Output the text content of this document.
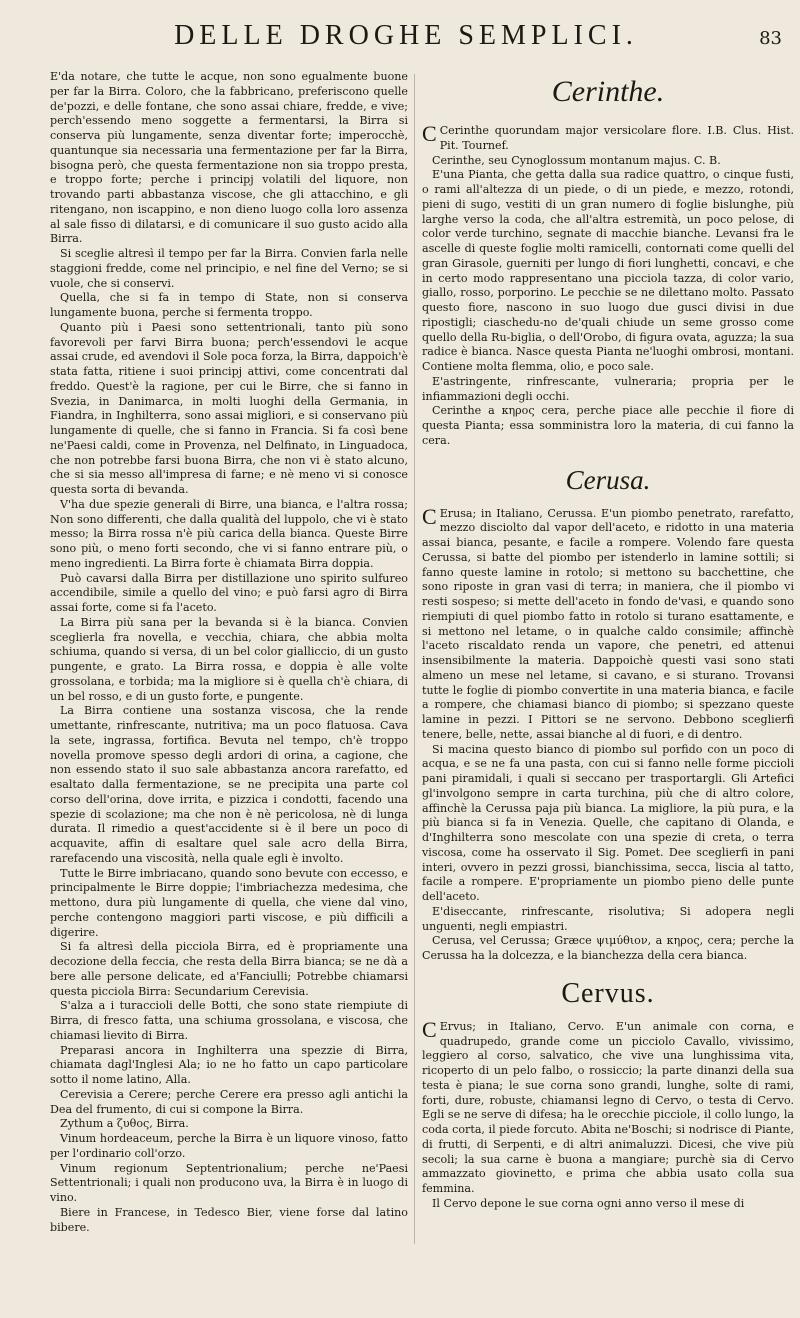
DELLE DROGHE SEMPLICI.	83

E'da notare, che tutte le acque, non sono egualmente buone per far la Birra. Coloro, che la fabbricano, preferiscono quelle de'pozzi, e delle fontane, che sono assai chiare, fredde, e vive; perch'essendo meno soggette a fermentarsi, la Birra si conserva più lungamente, senza diventar forte; imperocchè, quantunque sia necessaria una fermentazione per far la Birra, bisogna però, che questa fermentazione non sia troppo presta, e troppo forte; perche i principj volatili del liquore, non trovando parti abbastanza viscose, che gli attacchino, e gli ritengano, non iscappino, e non dieno luogo colla loro assenza al sale fisso di dilatarsi, e di comunicare il suo gusto acido alla Birra.

Si sceglie altresì il tempo per far la Birra. Convien farla nelle staggioni fredde, come nel principio, e nel fine del Verno; se si vuole, che si conservi.

Quella, che si fa in tempo di State, non si conserva lungamente buona, perche si fermenta troppo.

Quanto più i Paesi sono settentrionali, tanto più sono favorevoli per farvi Birra buona; perch'essendovi le acque assai crude, ed avendovi il Sole poca forza, la Birra, dappoich'è stata fatta, ritiene i suoi principj attivi, come concentrati dal freddo. Quest'è la ragione, per cui le Birre, che si fanno in Svezia, in Danimarca, in molti luoghi della Germania, in Fiandra, in Inghilterra, sono assai migliori, e si conservano più lungamente di quelle, che si fanno in Francia. Si fa così bene ne'Paesi caldi, come in Provenza, nel Delfinato, in Linguadoca, che non potrebbe farsi buona Birra, che non vi è stato alcuno, che si sia messo all'impresa di farne; e nè meno vi si conosce questa sorta di bevanda.

V'ha due spezie generali di Birre, una bianca, e l'altra rossa; Non sono differenti, che dalla qualità del luppolo, che vi è stato messo; la Birra rossa n'è più carica della bianca. Queste Birre sono più, o meno forti secondo, che vi si fanno entrare più, o meno ingredienti. La Birra forte è chiamata Birra doppia.

Può cavarsi dalla Birra per distillazione uno spirito sulfureo accendibile, simile a quello del vino; e può farsi agro di Birra assai forte, come si fa l'aceto.

La Birra più sana per la bevanda si è la bianca. Convien sceglierla fra novella, e vecchia, chiara, che abbia molta schiuma, quando si versa, di un bel color gialliccio, di un gusto pungente, e grato. La Birra rossa, e doppia è alle volte grossolana, e torbida; ma la migliore si è quella ch'è chiara, di un bel rosso, e di un gusto forte, e pungente.

La Birra contiene una sostanza viscosa, che la rende umettante, rinfrescante, nutritiva; ma un poco flatuosa. Cava la sete, ingrassa, fortifica. Bevuta nel tempo, ch'è troppo novella promove spesso degli ardori di orina, a cagione, che non essendo stato il suo sale abbastanza ancora rarefatto, ed esaltato dalla fermentazione, se ne precipita una parte col corso dell'orina, dove irrita, e pizzica i condotti, facendo una spezie di scolazione; ma che non è nè pericolosa, nè di lunga durata. Il rimedio a quest'accidente si è il bere un poco di acquavite, affin di esaltare quel sale acro della Birra, rarefacendo una viscosità, nella quale egli è involto.

Tutte le Birre imbriacano, quando sono bevute con eccesso, e principalmente le Birre doppie; l'imbriachezza medesima, che mettono, dura più lungamente di quella, che viene dal vino, perche contengono maggiori parti viscose, e più difficili a digerire.

Si fa altresì della picciola Birra, ed è propriamente una decozione della feccia, che resta della Birra bianca; se ne dà a bere alle persone delicate, ed a'Fanciulli; Potrebbe chiamarsi questa picciola Birra: Secundarium Cerevisia.

S'alza a i turaccioli delle Botti, che sono state riempiute di Birra, di fresco fatta, una schiuma grossolana, e viscosa, che chiamasi lievito di Birra.

Preparasi ancora in Inghilterra una spezzie di Birra, chiamata dagl'Inglesi Ala; io ne ho fatto un capo particolare sotto il nome latino, Alla.

Cerevisia a Cerere; perche Cerere era presso agli antichi la Dea del frumento, di cui si compone la Birra.

Zythum a ζυθος, Birra.

Vinum hordeaceum, perche la Birra è un liquore vinoso, fatto per l'ordinario coll'orzo.

Vinum regionum Septentrionalium; perche ne'Paesi Settentrionali; i quali non producono uva, la Birra è in luogo di vino.

Biere in Francese, in Tedesco Bier, viene forse dal latino bibere.

Cerinthe.

C Cerinthe quorundam major versicolare flore. I.B. Clus. Hist. Pit. Tournef.

Cerinthe, seu Cynoglossum montanum majus. C. B.

E'una Pianta, che getta dalla sua radice quattro, o cinque fusti, o rami all'altezza di un piede, o di un piede, e mezzo, rotondi, pieni di sugo, vestiti di un gran numero di foglie bislunghe, più larghe verso la coda, che all'altra estremità, un poco pelose, di color verde turchino, segnate di macchie bianche. Levansi fra le ascelle di queste foglie molti ramicelli, contornati come quelli del gran Girasole, guerniti per lungo di fiori lunghetti, concavi, e che in certo modo rappresentano una picciola tazza, di color vario, giallo, rosso, porporino. Le pecchie se ne dilettano molto. Passato questo fiore, nascono in suo luogo due gusci divisi in due ripostigli; ciaschedu-no de'quali chiude un seme grosso come quello della Ru-biglia, o dell'Orobo, di figura ovata, aguzza; la sua radice è bianca. Nasce questa Pianta ne'luoghi ombrosi, montani. Contiene molta flemma, olio, e poco sale.

E'astringente, rinfrescante, vulneraria; propria per le infiammazioni degli occhi.

Cerinthe a κηρος cera, perche piace alle pecchie il fiore di questa Pianta; essa somministra loro la materia, di cui fanno la cera.

Cerusa.

C Erusa; in Italiano, Cerussa. E'un piombo penetrato, rarefatto, mezzo disciolto dal vapor dell'aceto, e ridotto in una materia assai bianca, pesante, e facile a rompere. Volendo fare questa Cerussa, si batte del piombo per istenderlo in lamine sottili; si fanno queste lamine in rotolo; si mettono su bacchettine, che sono riposte in gran vasi di terra; in maniera, che il piombo vi resti sospeso; si mette dell'aceto in fondo de'vasi, e quando sono riempiuti di quel piombo fatto in rotolo si turano esattamente, e si mettono nel letame, o in qualche caldo consimile; affinchè l'aceto riscaldato renda un vapore, che penetri, ed attenui insensibilmente la materia. Dappoichè questi vasi sono stati almeno un mese nel letame, si cavano, e si sturano. Trovansi tutte le foglie di piombo convertite in una materia bianca, e facile a rompere, che chiamasi bianco di piombo; si spezzano queste lamine in pezzi. I Pittori se ne servono. Debbono sceglierfi tenere, belle, nette, assai bianche al di fuori, e di dentro.

Si macina questo bianco di piombo sul porfido con un poco di acqua, e se ne fa una pasta, con cui si fanno nelle forme piccioli pani piramidali, i quali si seccano per trasportargli. Gli Artefici gl'involgono sempre in carta turchina, più che di altro colore, affinchè la Cerussa paja più bianca. La migliore, la più pura, e la più bianca si fa in Venezia. Quelle, che capitano di Olanda, e d'Inghilterra sono mescolate con una spezie di creta, o terra viscosa, come ha osservato il Sig. Pomet. Dee sceglierfi in pani interi, ovvero in pezzi grossi, bianchissima, secca, liscia al tatto, facile a rompere. E'propriamente un piombo pieno delle punte dell'aceto.

E'diseccante, rinfrescante, risolutiva; Si adopera negli unguenti, negli empiastri.

Cerusa, vel Cerussa; Græce ψιμύθιον, a κηρος, cera; perche la Cerussa ha la dolcezza, e la bianchezza della cera bianca.

Cervus.

C Ervus; in Italiano, Cervo. E'un animale con corna, e quadrupedo, grande come un picciolo Cavallo, vivissimo, leggiero al corso, salvatico, che vive una lunghissima vita, ricoperto di un pelo falbo, o rossiccio; la parte dinanzi della sua testa è piana; le sue corna sono grandi, lunghe, solte di rami, forti, dure, robuste, chiamansi legno di Cervo, o testa di Cervo. Egli se ne serve di difesa; ha le orecchie picciole, il collo lungo, la coda corta, il piede forcuto. Abita ne'Boschi; si nodrisce di Piante, di frutti, di Serpenti, e di altri animaluzzi. Dicesi, che vive più secoli; la sua carne è buona a mangiare; purchè sia di Cervo ammazzato giovinetto, e prima che abbia usato colla sua femmina.

Il Cervo depone le sue corna ogni anno verso il mese di
